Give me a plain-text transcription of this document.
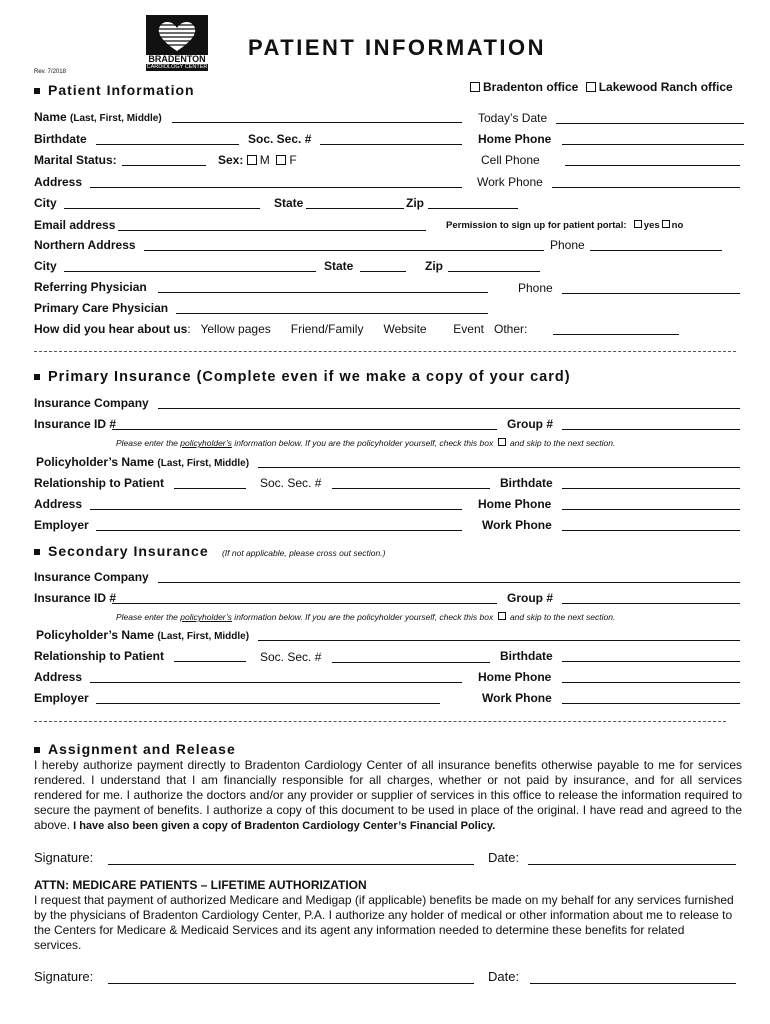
BRADENTON
CARDIOLOGY CENTER
Rev. 7/2018
PATIENT INFORMATION
Bradenton office Lakewood Ranch office
Patient Information
Name (Last, First, Middle)	Today’s Date
Birthdate	Soc. Sec. #	Home Phone
Marital Status:	Sex: M F	Cell Phone
Address	Work Phone
City	State	Zip
Email address	Permission to sign up for patient portal: yes no
Northern Address	Phone
City	State	Zip
Referring Physician	Phone
Primary Care Physician
How did you hear about us:   Yellow pages Friend/Family Website Event Other:
Primary Insurance (Complete even if we make a copy of your card)
Insurance Company
Insurance ID #	Group #
Please enter the policyholder’s information below. If you are the policyholder yourself, check this box  and skip to the next section.
Policyholder’s Name (Last, First, Middle)
Relationship to Patient	Soc. Sec. #	Birthdate
Address	Home Phone
Employer	Work Phone
Secondary Insurance (If not applicable, please cross out section.)
Insurance Company
Insurance ID #	Group #
Please enter the policyholder’s information below. If you are the policyholder yourself, check this box  and skip to the next section.
Policyholder’s Name (Last, First, Middle)
Relationship to Patient	Soc. Sec. #	Birthdate
Address	Home Phone
Employer	Work Phone
Assignment and Release
I hereby authorize payment directly to Bradenton Cardiology Center of all insurance benefits otherwise payable to me for services rendered. I understand that I am financially responsible for all charges, whether or not paid by insurance, and for all services rendered for me. I authorize the doctors and/or any provider or supplier of services in this office to release the information required to secure the payment of benefits. I authorize a copy of this document to be used in place of the original. I have read and agreed to the above. I have also been given a copy of Bradenton Cardiology Center’s Financial Policy.
Signature:	Date:
ATTN: MEDICARE PATIENTS – LIFETIME AUTHORIZATION
I request that payment of authorized Medicare and Medigap (if applicable) benefits be made on my behalf for any services furnished by the physicians of Bradenton Cardiology Center, P.A. I authorize any holder of medical or other information about me to release to the Centers for Medicare & Medicaid Services and its agent any information needed to determine these benefits for related services.
Signature:	Date:
